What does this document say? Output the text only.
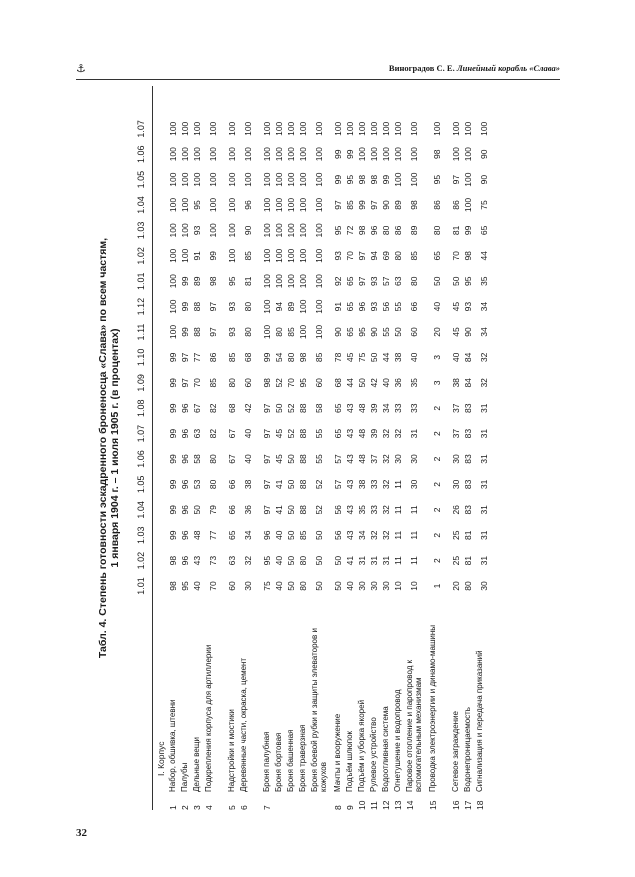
⚓	Виноградов С. Е. Линейный корабль «Слава»
Табл. 4. Степень готовности эскадренного броненосца «Слава» по всем частям, 1 января 1904 г. – 1 июля 1905 г. (в процентах)
1.01
1.02
1.03
1.04
1.05
1.06
1.07
1.08
1.09
1.10
1.11
1.12
1.01
1.02
1.03
1.04
1.05
1.06
1.07
I. Корпус
1
Набор, обшивка, штевни
98
98
99
99
99
99
99
99
99
99
100
100
100
100
100
100
100
100
100
2
Палубы
95
96
96
96
96
96
96
96
97
97
99
99
99
100
100
100
100
100
100
3
Дельные вещи
40
43
48
50
53
58
63
67
70
77
88
88
89
91
93
95
100
100
100
4
Подкрепления корпуса для артиллерии
70
73
77
79
80
80
82
82
85
86
97
97
98
99
100
100
100
100
100
5
Надстройки и мостики
60
63
65
66
66
67
67
68
80
85
93
93
95
100
100
100
100
100
100
6
Деревянные части, окраска, цемент
30
32
34
36
38
40
40
42
60
68
80
80
81
85
90
96
100
100
100
7
Броня палубная
75
95
96
97
97
97
97
97
98
99
100
100
100
100
100
100
100
100
100
Броня бортовая
40
40
40
41
41
45
45
50
52
54
80
94
100
100
100
100
100
100
100
Броня башенная
50
50
50
50
50
50
52
52
70
80
85
89
100
100
100
100
100
100
100
Броня траверзная
80
80
85
88
88
88
88
88
95
98
100
100
100
100
100
100
100
100
100
Броня боевой рубки и защиты элеваторов и кожухов
50
50
50
52
52
55
55
58
60
85
100
100
100
100
100
100
100
100
100
8
Мачты и вооружение
50
50
56
56
57
57
65
65
68
78
90
91
92
93
95
97
99
99
100
9
Подъём шлюпок
40
41
43
43
43
43
43
43
44
45
65
65
65
70
72
85
95
99
100
10
Подъём и уборка якорей
30
31
34
35
38
48
48
48
50
75
95
96
97
97
98
99
98
100
100
11
Рулевое устройство
30
31
32
33
33
37
39
39
42
50
90
93
93
94
96
97
98
100
100
12
Водоотливная система
30
31
32
32
32
32
32
34
40
44
55
56
57
69
80
90
99
100
100
13
Огнетушение и водопровод
10
11
11
11
11
30
32
33
36
38
50
55
63
80
86
89
100
100
100
14
Паровое отопление и паропровод к вспомогательным механизмам
10
11
11
11
30
30
31
33
35
40
60
66
80
85
89
98
100
100
100
15
Проводка электроэнергии и динамо-машины
1
2
2
2
2
2
2
2
3
3
20
40
50
65
80
86
95
98
100
16
Сетевое заграждение
20
25
25
26
30
30
37
37
38
40
45
45
50
70
81
86
97
100
100
17
Водонепроницаемость
80
81
81
83
83
83
83
83
84
84
90
93
95
98
99
100
100
100
100
18
Сигнализация и передача приказаний
30
31
31
31
31
31
31
31
32
32
34
34
35
44
65
75
90
90
100
32
